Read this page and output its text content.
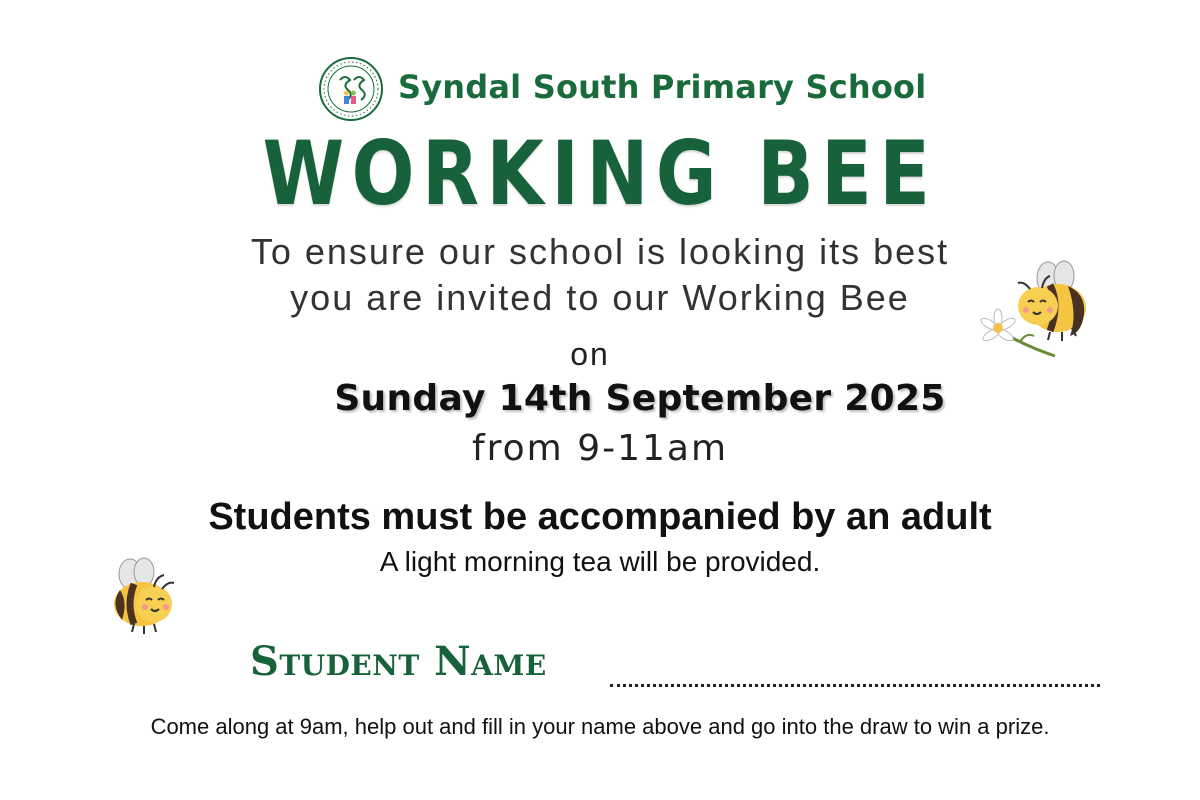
Syndal South Primary School
WORKING BEE
To ensure our school is looking its best
you are invited to our Working Bee
on
Sunday 14th September 2025
from 9-11am
Students must be accompanied by an adult
A light morning tea will be provided.
Student Name
Come along at 9am, help out and fill in your name above and go into the draw to win a prize.
